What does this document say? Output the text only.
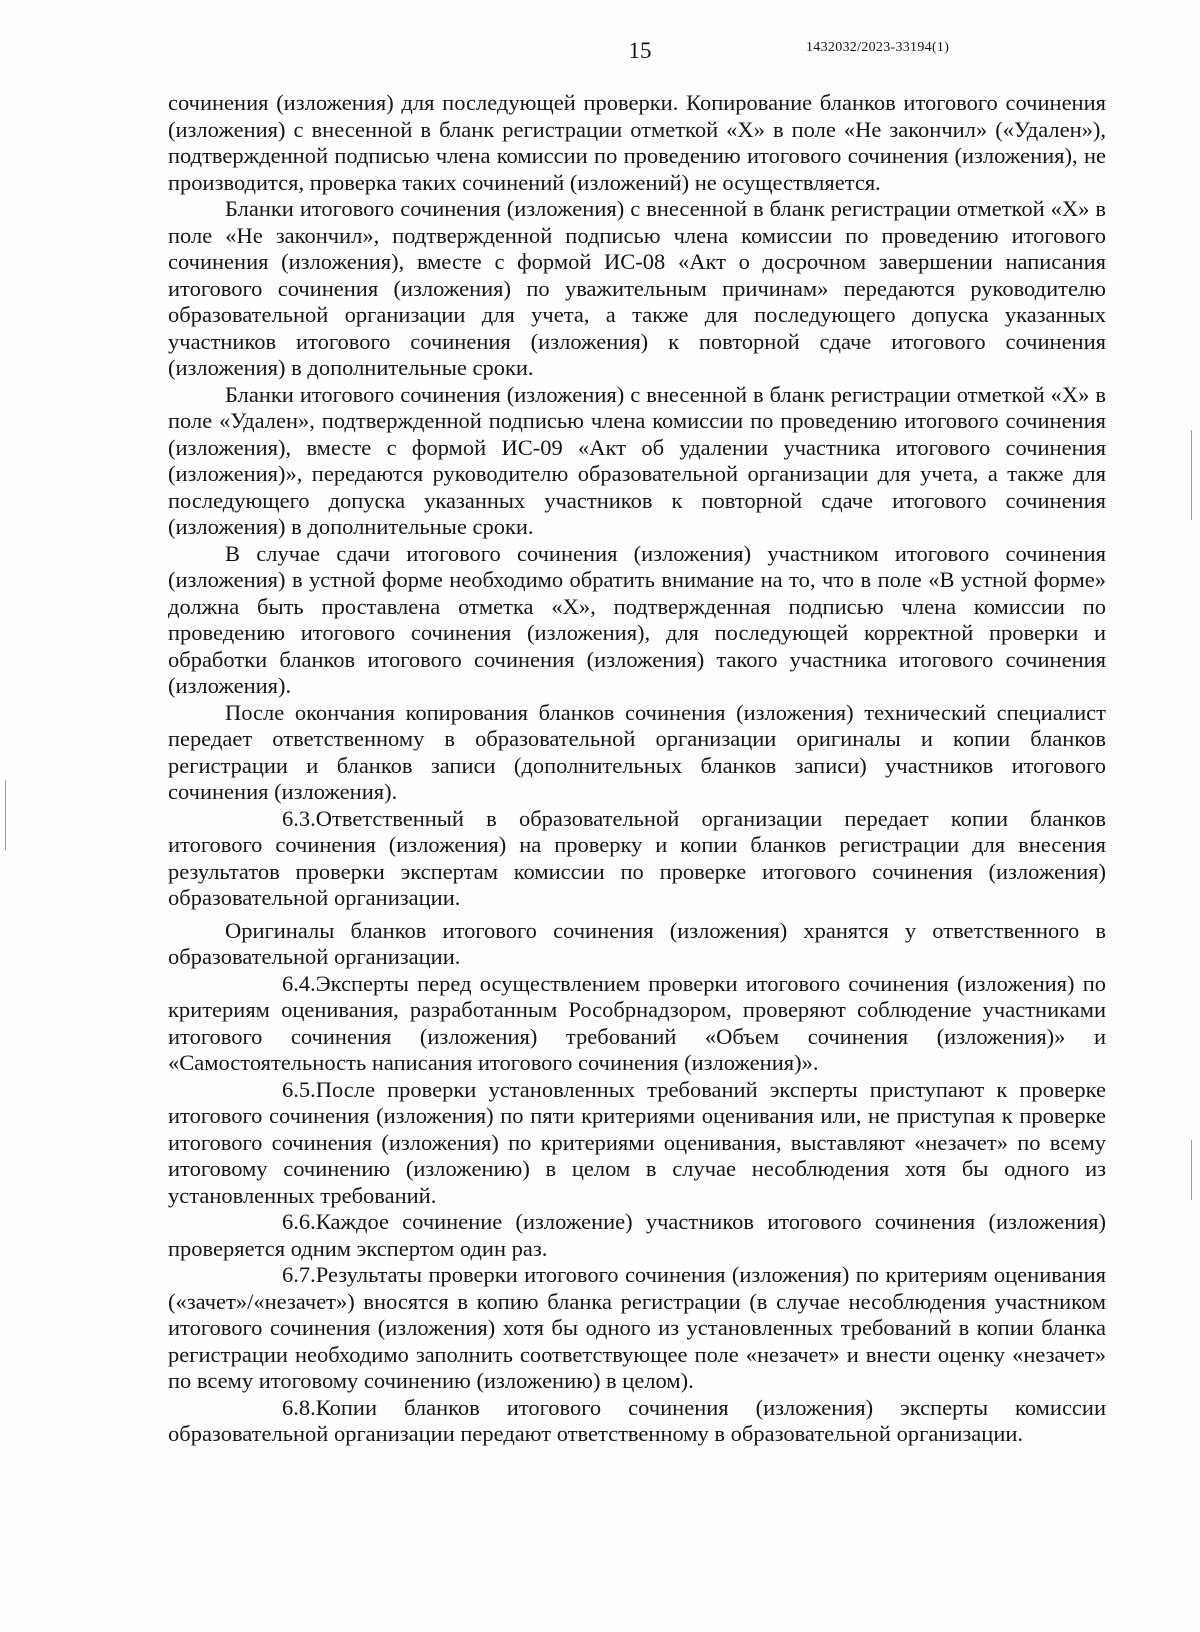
15	1432032/2023-33194(1)

сочинения (изложения) для последующей проверки. Копирование бланков итогового сочинения (изложения) с внесенной в бланк регистрации отметкой «Х» в поле «Не закончил» («Удален»), подтвержденной подписью члена комиссии по проведению итогового сочинения (изложения), не производится, проверка таких сочинений (изложений) не осуществляется.

Бланки итогового сочинения (изложения) с внесенной в бланк регистрации отметкой «Х» в поле «Не закончил», подтвержденной подписью члена комиссии по проведению итогового сочинения (изложения), вместе с формой ИС-08 «Акт о досрочном завершении написания итогового сочинения (изложения) по уважительным причинам» передаются руководителю образовательной организации для учета, а также для последующего допуска указанных участников итогового сочинения (изложения) к повторной сдаче итогового сочинения (изложения) в дополнительные сроки.

Бланки итогового сочинения (изложения) с внесенной в бланк регистрации отметкой «Х» в поле «Удален», подтвержденной подписью члена комиссии по проведению итогового сочинения (изложения), вместе с формой ИС-09 «Акт об удалении участника итогового сочинения (изложения)», передаются руководителю образовательной организации для учета, а также для последующего допуска указанных участников к повторной сдаче итогового сочинения (изложения) в дополнительные сроки.

В случае сдачи итогового сочинения (изложения) участником итогового сочинения (изложения) в устной форме необходимо обратить внимание на то, что в поле «В устной форме» должна быть проставлена отметка «Х», подтвержденная подписью члена комиссии по проведению итогового сочинения (изложения), для последующей корректной проверки и обработки бланков итогового сочинения (изложения) такого участника итогового сочинения (изложения).

После окончания копирования бланков сочинения (изложения) технический специалист передает ответственному в образовательной организации оригиналы и копии бланков регистрации и бланков записи (дополнительных бланков записи) участников итогового сочинения (изложения).

6.3.Ответственный в образовательной организации передает копии бланков итогового сочинения (изложения) на проверку и копии бланков регистрации для внесения результатов проверки экспертам комиссии по проверке итогового сочинения (изложения) образовательной организации.

Оригиналы бланков итогового сочинения (изложения) хранятся у ответственного в образовательной организации.

6.4.Эксперты перед осуществлением проверки итогового сочинения (изложения) по критериям оценивания, разработанным Рособрнадзором, проверяют соблюдение участниками итогового сочинения (изложения) требований «Объем сочинения (изложения)» и «Самостоятельность написания итогового сочинения (изложения)».

6.5.После проверки установленных требований эксперты приступают к проверке итогового сочинения (изложения) по пяти критериями оценивания или, не приступая к проверке итогового сочинения (изложения) по критериями оценивания, выставляют «незачет» по всему итоговому сочинению (изложению) в целом в случае несоблюдения хотя бы одного из установленных требований.

6.6.Каждое сочинение (изложение) участников итогового сочинения (изложения) проверяется одним экспертом один раз.

6.7.Результаты проверки итогового сочинения (изложения) по критериям оценивания («зачет»/«незачет») вносятся в копию бланка регистрации (в случае несоблюдения участником итогового сочинения (изложения) хотя бы одного из установленных требований в копии бланка регистрации необходимо заполнить соответствующее поле «незачет» и внести оценку «незачет» по всему итоговому сочинению (изложению) в целом).

6.8.Копии бланков итогового сочинения (изложения) эксперты комиссии образовательной организации передают ответственному в образовательной организации.
